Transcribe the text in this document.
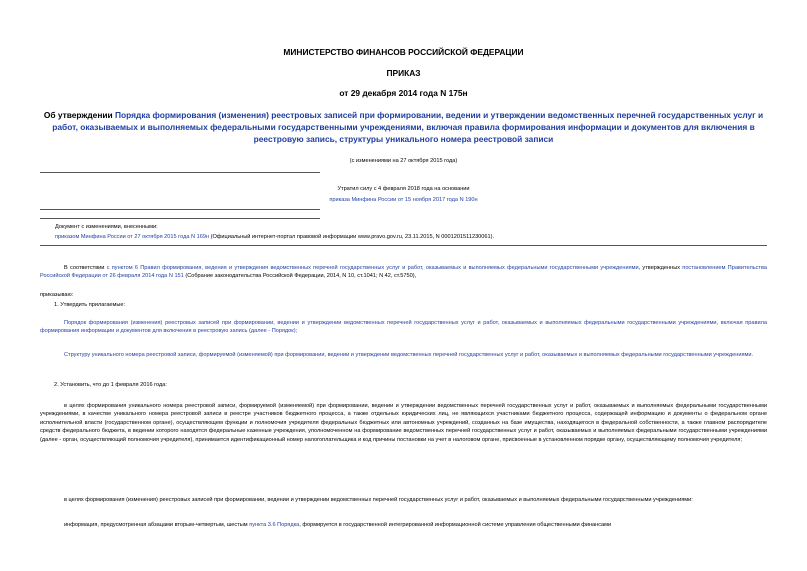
МИНИСТЕРСТВО ФИНАНСОВ РОССИЙСКОЙ ФЕДЕРАЦИИ
ПРИКАЗ
от 29 декабря 2014 года N 175н
Об утверждении Порядка формирования (изменения) реестровых записей при формировании, ведении и утверждении ведомственных перечней государственных услуг и работ, оказываемых и выполняемых федеральными государственными учреждениями, включая правила формирования информации и документов для включения в реестровую запись, структуры уникального номера реестровой записи
(с изменениями на 27 октября 2015 года)
Утратил силу с 4 февраля 2018 года на основании
приказа Минфина России от 15 ноября 2017 года N 190н
Документ с изменениями, внесенными:
приказом Минфина России от 27 октября 2015 года N 169н (Официальный интернет-портал правовой информации www.pravo.gov.ru, 23.11.2015, N 0001201511230061).
В соответствии с пунктом 6 Правил формирования, ведения и утверждения ведомственных перечней государственных услуг и работ, оказываемых и выполняемых федеральными государственными учреждениями, утвержденных постановлением Правительства Российской Федерации от 26 февраля 2014 года N 151 (Собрание законодательства Российской Федерации, 2014, N 10, ст.1041; N 42, ст.5750),
приказываю:
1. Утвердить прилагаемые:
Порядок формирования (изменения) реестровых записей при формировании, ведении и утверждении ведомственных перечней государственных услуг и работ, оказываемых и выполняемых федеральными государственными учреждениями, включая правила формирования информации и документов для включения в реестровую запись (далее - Порядок);
Структуру уникального номера реестровой записи, формируемой (изменяемой) при формировании, ведении и утверждении ведомственных перечней государственных услуг и работ, оказываемых и выполняемых федеральными государственными учреждениями.
2. Установить, что до 1 февраля 2016 года:
в целях формирования уникального номера реестровой записи, формируемой (изменяемой) при формировании, ведении и утверждении ведомственных перечней государственных услуг и работ, оказываемых и выполняемых федеральными государственными учреждениями, в качестве уникального номера реестровой записи в реестре участников бюджетного процесса, а также отдельных юридических лиц, не являющихся участниками бюджетного процесса, содержащей информацию и документы о федеральном органе исполнительной власти (государственном органе), осуществляющем функции и полномочия учредителя федеральных бюджетных или автономных учреждений, созданных на базе имущества, находящегося в федеральной собственности, а также главном распорядителе средств федерального бюджета, в ведении которого находятся федеральные казенные учреждения, уполномоченном на формирование ведомственных перечней государственных услуг и работ, оказываемых и выполняемых федеральными государственными учреждениями (далее - орган, осуществляющий полномочия учредителя), принимается идентификационный номер налогоплательщика и код причины постановки на учет в налоговом органе, присвоенные в установленном порядке органу, осуществляющему полномочия учредителя;
в целях формирования (изменения) реестровых записей при формировании, ведении и утверждении ведомственных перечней государственных услуг и работ, оказываемых и выполняемых федеральными государственными учреждениями:
информация, предусмотренная абзацами вторым-четвертым, шестым пункта 3.6 Порядка, формируется в государственной интегрированной информационной системе управления общественными финансами
